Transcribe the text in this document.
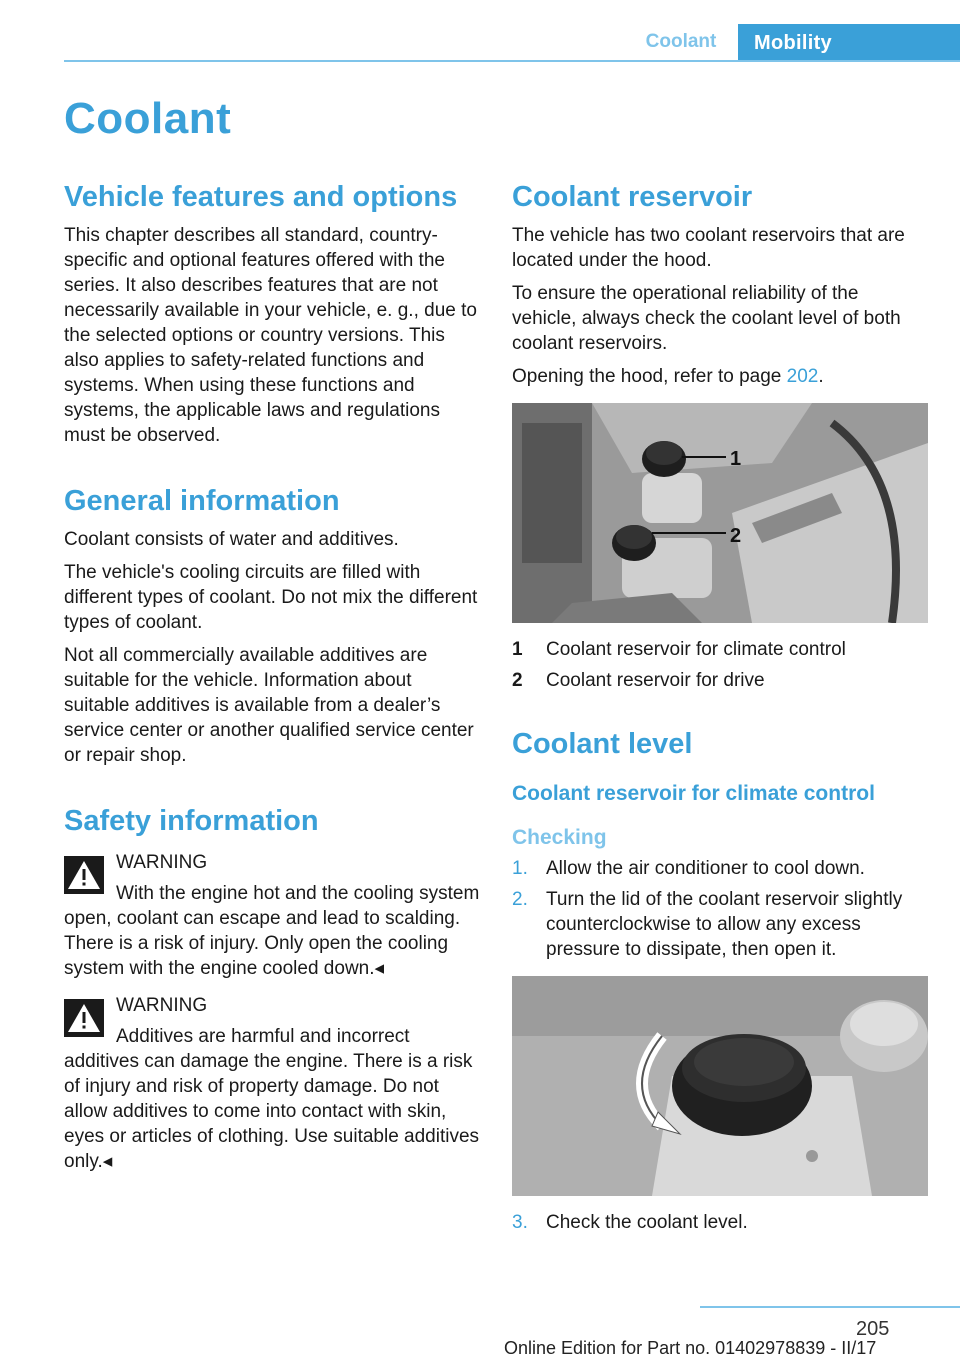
Coolant	Mobility
Coolant
Vehicle features and options

This chapter describes all standard, country-specific and optional features offered with the series. It also describes features that are not necessarily available in your vehicle, e. g., due to the selected options or country versions. This also applies to safety-related functions and systems. When using these functions and systems, the applicable laws and regulations must be observed.

General information

Coolant consists of water and additives.

The vehicle's cooling circuits are filled with different types of coolant. Do not mix the different types of coolant.

Not all commercially available additives are suitable for the vehicle. Information about suitable additives is available from a dealer’s service center or another qualified service center or repair shop.

Safety information
WARNING
With the engine hot and the cooling system open, coolant can escape and lead to scalding. There is a risk of injury. Only open the cooling system with the engine cooled down.◂
WARNING
Additives are harmful and incorrect additives can damage the engine. There is a risk of injury and risk of property damage. Do not allow additives to come into contact with skin, eyes or articles of clothing. Use suitable additives only.◂
Coolant reservoir

The vehicle has two coolant reservoirs that are located under the hood.

To ensure the operational reliability of the vehicle, always check the coolant level of both coolant reservoirs.

Opening the hood, refer to page 202.

1
2
1	Coolant reservoir for climate control
2	Coolant reservoir for drive
Coolant level
Coolant reservoir for climate control
Checking
1. Allow the air conditioner to cool down.
2. Turn the lid of the coolant reservoir slightly counterclockwise to allow any excess pressure to dissipate, then open it.
3. Check the coolant level.
205
Online Edition for Part no. 01402978839 - II/17
